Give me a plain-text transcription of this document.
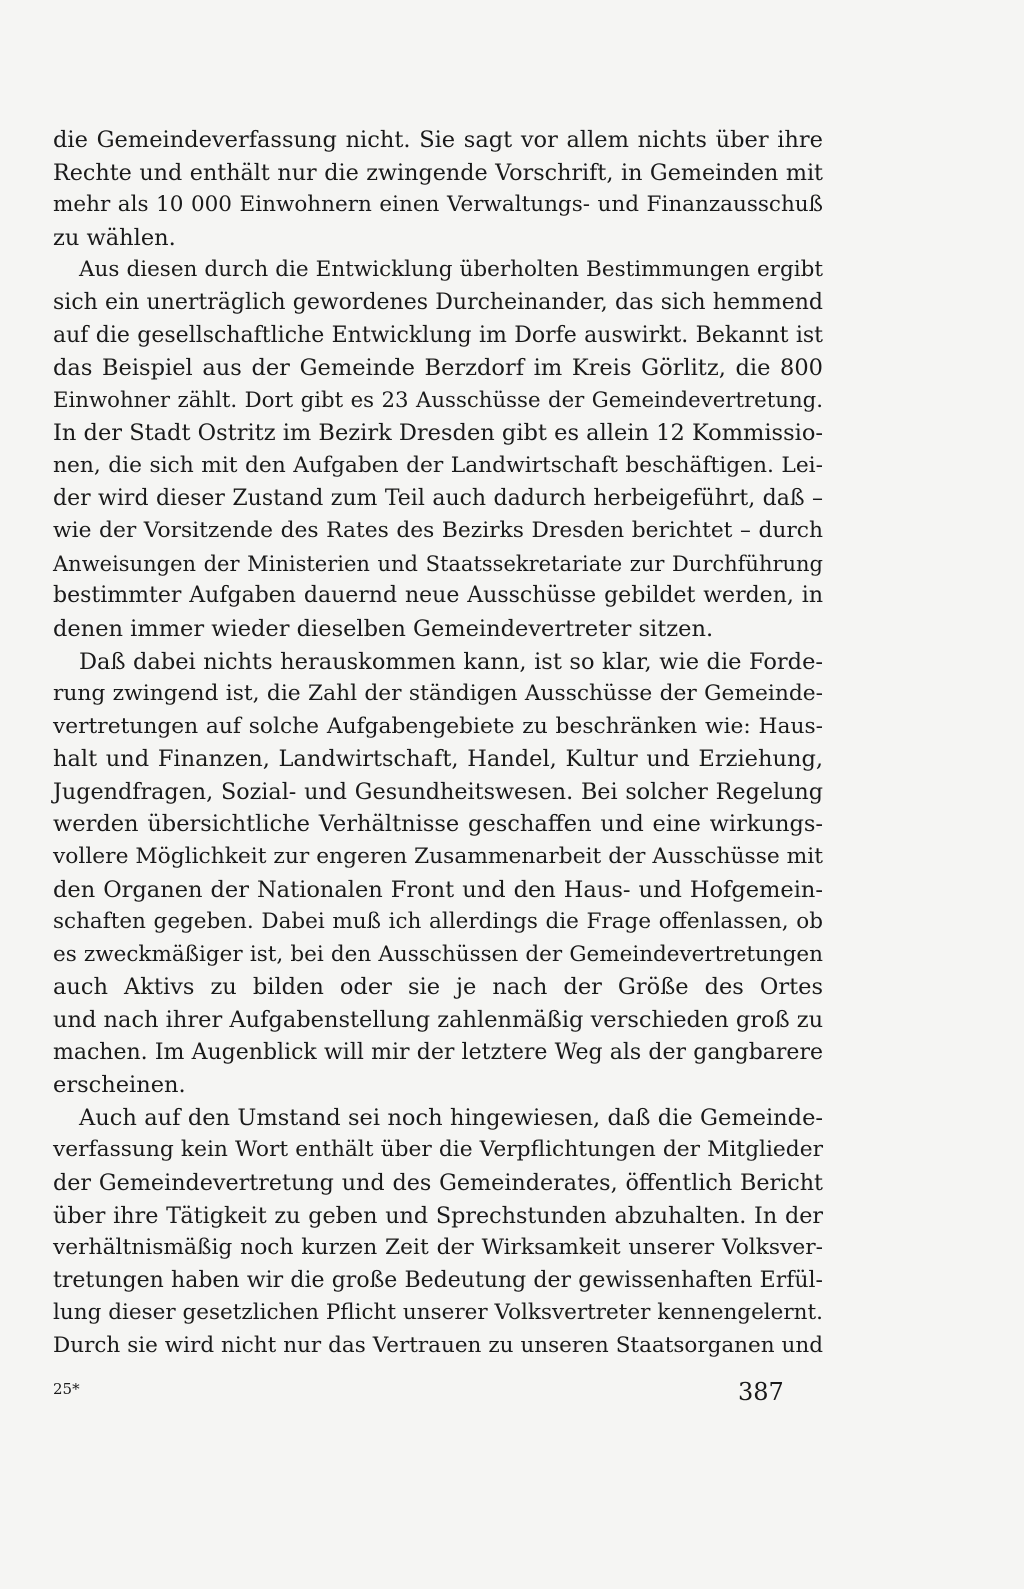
die Gemeindeverfassung nicht. Sie sagt vor allem nichts über ihre
Rechte und enthält nur die zwingende Vorschrift, in Gemeinden mit
mehr als 10 000 Einwohnern einen Verwaltungs- und Finanzausschuß
zu wählen.
Aus diesen durch die Entwicklung überholten Bestimmungen ergibt
sich ein unerträglich gewordenes Durcheinander, das sich hemmend
auf die gesellschaftliche Entwicklung im Dorfe auswirkt. Bekannt ist
das Beispiel aus der Gemeinde Berzdorf im Kreis Görlitz, die 800
Einwohner zählt. Dort gibt es 23 Ausschüsse der Gemeindevertretung.
In der Stadt Ostritz im Bezirk Dresden gibt es allein 12 Kommissio-
nen, die sich mit den Aufgaben der Landwirtschaft beschäftigen. Lei-
der wird dieser Zustand zum Teil auch dadurch herbeigeführt, daß –
wie der Vorsitzende des Rates des Bezirks Dresden berichtet – durch
Anweisungen der Ministerien und Staatssekretariate zur Durchführung
bestimmter Aufgaben dauernd neue Ausschüsse gebildet werden, in
denen immer wieder dieselben Gemeindevertreter sitzen.
Daß dabei nichts herauskommen kann, ist so klar, wie die Forde-
rung zwingend ist, die Zahl der ständigen Ausschüsse der Gemeinde-
vertretungen auf solche Aufgabengebiete zu beschränken wie: Haus-
halt und Finanzen, Landwirtschaft, Handel, Kultur und Erziehung,
Jugendfragen, Sozial- und Gesundheitswesen. Bei solcher Regelung
werden übersichtliche Verhältnisse geschaffen und eine wirkungs-
vollere Möglichkeit zur engeren Zusammenarbeit der Ausschüsse mit
den Organen der Nationalen Front und den Haus- und Hofgemein-
schaften gegeben. Dabei muß ich allerdings die Frage offenlassen, ob
es zweckmäßiger ist, bei den Ausschüssen der Gemeindevertretungen
auch Aktivs zu bilden oder sie je nach der Größe des Ortes
und nach ihrer Aufgabenstellung zahlenmäßig verschieden groß zu
machen. Im Augenblick will mir der letztere Weg als der gangbarere
erscheinen.
Auch auf den Umstand sei noch hingewiesen, daß die Gemeinde-
verfassung kein Wort enthält über die Verpflichtungen der Mitglieder
der Gemeindevertretung und des Gemeinderates, öffentlich Bericht
über ihre Tätigkeit zu geben und Sprechstunden abzuhalten. In der
verhältnismäßig noch kurzen Zeit der Wirksamkeit unserer Volksver-
tretungen haben wir die große Bedeutung der gewissenhaften Erfül-
lung dieser gesetzlichen Pflicht unserer Volksvertreter kennengelernt.
Durch sie wird nicht nur das Vertrauen zu unseren Staatsorganen und
25*	387
